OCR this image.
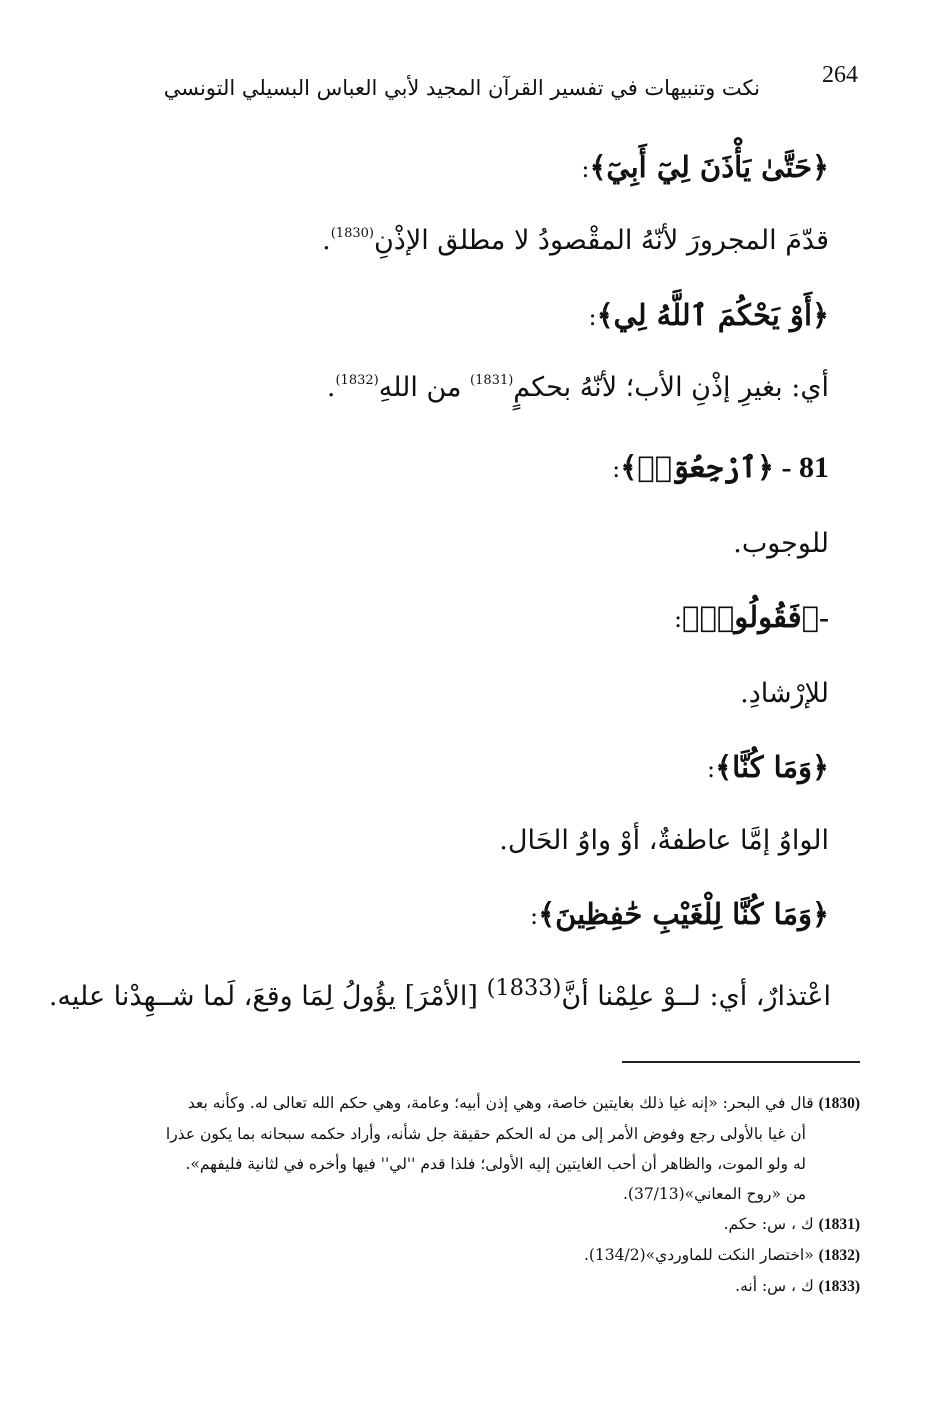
264
نكت وتنبيهات في تفسير القرآن المجيد لأبي العباس البسيلي التونسي
﴿حَتَّىٰ يَأْذَنَ لِيٓ أَبِيٓ﴾:
قدّمَ المجرورَ لأنّهُ المقْصودُ لا مطلق الإذْنِ$^{(1830)}$.
﴿أَوْ يَحْكُمَ ٱللَّهُ لِي﴾:
أي: بغيرِ إذْنِ الأب؛ لأنّهُ بحكمٍ$^{(1831)}$ من اللهِ$^{(1832)}$.
81 - ﴿ٱرْجِعُوٓا۟﴾:
للوجوب.
-﴿فَقُولُوا۟﴾:
للإرْشادِ.
﴿وَمَا كُنَّا﴾:
الواوُ إمَّا عاطفةٌ، أوْ واوُ الحَال.
﴿وَمَا كُنَّا لِلْغَيْبِ حَٰفِظِينَ﴾:
اعْتذارٌ، أي: لــوْ علِمْنا أنَّ$^{(1833)}$ [الأمْرَ] يؤُولُ لِمَا وقعَ، لَما شــهِدْنا عليه.
(1830) قال في البحر: «إنه غيا ذلك بغايتين خاصة، وهي إذن أبيه؛ وعامة، وهي حكم الله تعالى له. وكأنه بعد
أن غيا بالأولى رجع وفوض الأمر إلى من له الحكم حقيقة جل شأنه، وأراد حكمه سبحانه بما يكون عذرا
له ولو الموت، والظاهر أن أحب الغايتين إليه الأولى؛ فلذا قدم ''لي'' فيها وأخره في لثانية فليفهم».
من «روح المعاني»(37/13).
(1831) ك ، س: حكم.
(1832) «اختصار النكت للماوردي»(134/2).
(1833) ك ، س: أنه.
